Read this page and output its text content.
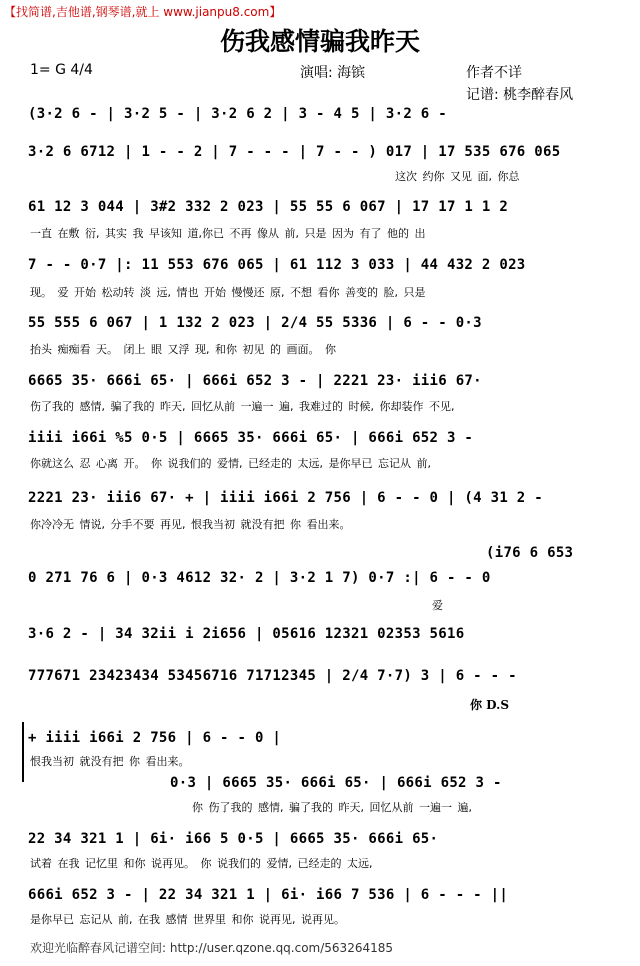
【找简谱,吉他谱,钢琴谱,就上 www.jianpu8.com】
伤我感情骗我昨天
1= G 4/4	演唱: 海镔	作者不详
记谱: 桃李醉春风
(3·2 6 - | 3·2 5 - | 3·2 6 2 | 3 - 4 5 | 3·2 6 -
3·2 6 6712 | 1 - - 2 | 7 - - - | 7 - - ) 017 | 17 535 676 065
这次 约你 又见 面, 你总
61 12 3 044 | 3#2 332 2 023 | 55 55 6 067 | 17 17 1 1 2
一直 在敷 衍, 其实 我 早该知 道,你已 不再 像从 前, 只是 因为 有了 他的 出
7 - - 0·7 |: 11 553 676 065 | 61 112 3 033 | 44 432 2 023
现。 爱 开始 松动转 淡 远, 情也 开始 慢慢还 原, 不想 看你 善变的 脸, 只是
55 555 6 067 | 1 132 2 023 | 2/4 55 5336 | 6 - - 0·3
抬头 痴痴看 天。 闭上 眼 又浮 现, 和你 初见 的 画面。 你
6665 35· 666i 65· | 666i 652 3 - | 2221 23· iii6 67·
伤了我的 感情, 骗了我的 昨天, 回忆从前 一遍一 遍, 我难过的 时候, 你却装作 不见,
iiii i66i %5 0·5 | 6665 35· 666i 65· | 666i 652 3 -
你就这么 忍 心离 开。 你 说我们的 爱情, 已经走的 太远, 是你早已 忘记从 前,
2221 23· iii6 67· + | iiii i66i 2 756 | 6 - - 0 | (4 31 2 -
你冷冷无 情说, 分手不要 再见, 恨我当初 就没有把 你 看出来。
(i76 6 653
0 271 76 6 | 0·3 4612 32· 2 | 3·2 1 7) 0·7 :| 6 - - 0
爱
3·6 2 - | 34 32ii i 2i656 | 05616 12321 02353 5616
777671 23423434 53456716 71712345 | 2/4 7·7) 3 | 6 - - -
你 D.S
+ iiii i66i 2 756 | 6 - - 0 |
恨我当初 就没有把 你 看出来。
0·3 | 6665 35· 666i 65· | 666i 652 3 -
你 伤了我的 感情, 骗了我的 昨天, 回忆从前 一遍一 遍,
22 34 321 1 | 6i· i66 5 0·5 | 6665 35· 666i 65·
试着 在我 记忆里 和你 说再见。 你 说我们的 爱情, 已经走的 太远,
666i 652 3 - | 22 34 321 1 | 6i· i66 7 536 | 6 - - - ||
是你早已 忘记从 前, 在我 感情 世界里 和你 说再见, 说再见。
欢迎光临醉春风记谱空间: http://user.qzone.qq.com/563264185
